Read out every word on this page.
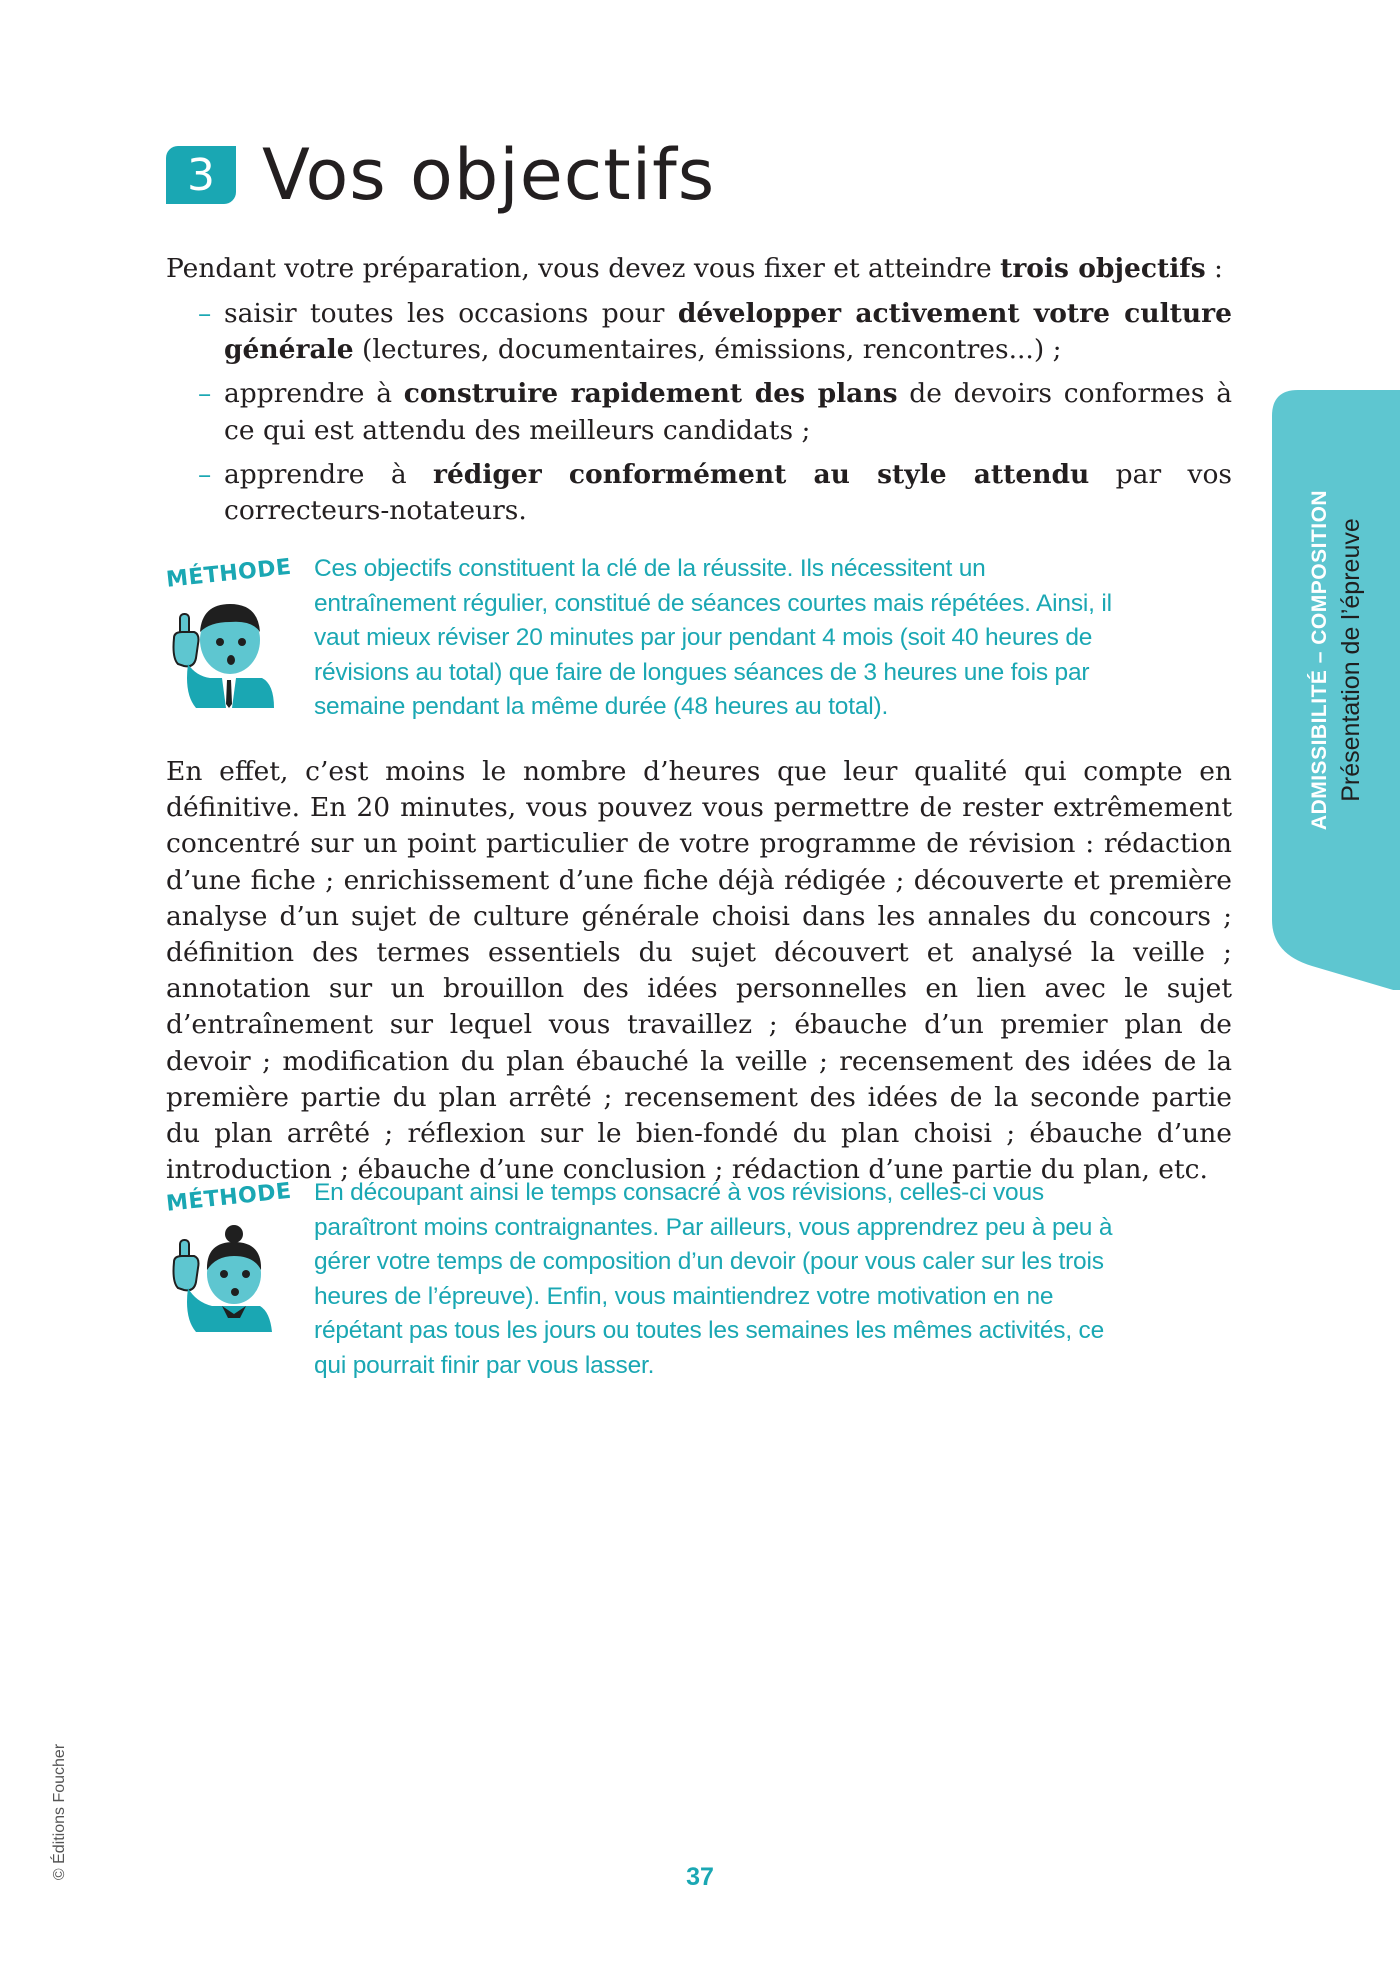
3 Vos objectifs
Pendant votre préparation, vous devez vous fixer et atteindre trois objectifs :
– saisir toutes les occasions pour développer activement votre culture générale (lectures, documentaires, émissions, rencontres...) ;
– apprendre à construire rapidement des plans de devoirs conformes à ce qui est attendu des meilleurs candidats ;
– apprendre à rédiger conformément au style attendu par vos correcteurs-notateurs.
MÉTHODE Ces objectifs constituent la clé de la réussite. Ils nécessitent un entraînement régulier, constitué de séances courtes mais répétées. Ainsi, il vaut mieux réviser 20 minutes par jour pendant 4 mois (soit 40 heures de révisions au total) que faire de longues séances de 3 heures une fois par semaine pendant la même durée (48 heures au total).
En effet, c’est moins le nombre d’heures que leur qualité qui compte en définitive. En 20 minutes, vous pouvez vous permettre de rester extrêmement concentré sur un point particulier de votre programme de révision : rédaction d’une fiche ; enrichissement d’une fiche déjà rédigée ; découverte et première analyse d’un sujet de culture générale choisi dans les annales du concours ; définition des termes essentiels du sujet découvert et analysé la veille ; annotation sur un brouillon des idées personnelles en lien avec le sujet d’entraînement sur lequel vous travaillez ; ébauche d’un premier plan de devoir ; modification du plan ébauché la veille ; recensement des idées de la première partie du plan arrêté ; recensement des idées de la seconde partie du plan arrêté ; réflexion sur le bien-fondé du plan choisi ; ébauche d’une introduction ; ébauche d’une conclusion ; rédaction d’une partie du plan, etc.
MÉTHODE En découpant ainsi le temps consacré à vos révisions, celles-ci vous paraîtront moins contraignantes. Par ailleurs, vous apprendrez peu à peu à gérer votre temps de composition d’un devoir (pour vous caler sur les trois heures de l’épreuve). Enfin, vous maintiendrez votre motivation en ne répétant pas tous les jours ou toutes les semaines les mêmes activités, ce qui pourrait finir par vous lasser.
ADMISSIBILITÉ – COMPOSITION Présentation de l’épreuve
© Éditions Foucher	37
